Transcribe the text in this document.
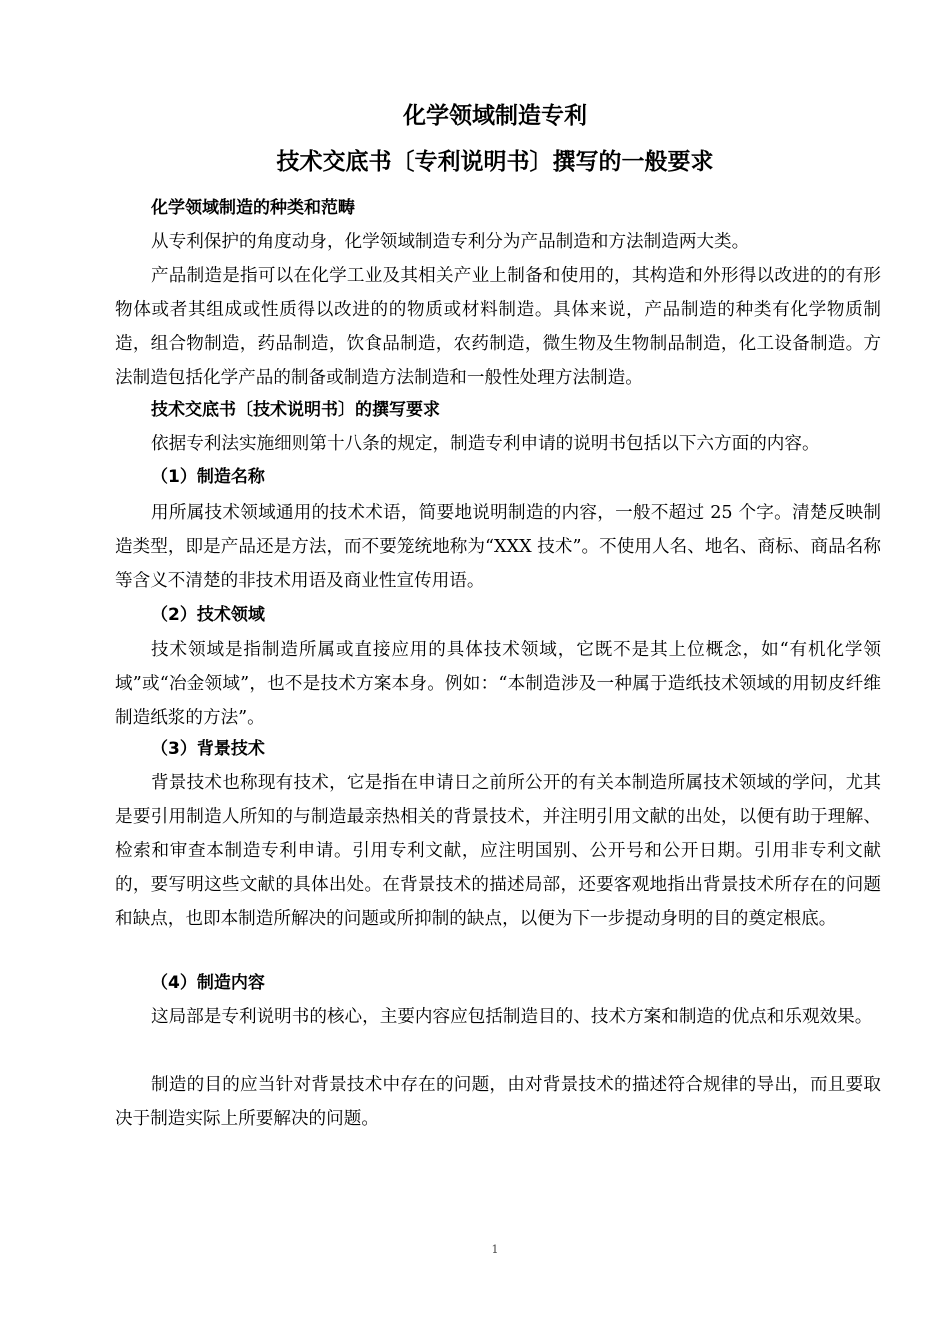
化学领域制造专利
技术交底书〔专利说明书〕撰写的一般要求
化学领域制造的种类和范畴
从专利保护的角度动身，化学领域制造专利分为产品制造和方法制造两大类。
产品制造是指可以在化学工业及其相关产业上制备和使用的，其构造和外形得以改进的的有形物体或者其组成或性质得以改进的的物质或材料制造。具体来说，产品制造的种类有化学物质制造，组合物制造，药品制造，饮食品制造，农药制造，微生物及生物制品制造，化工设备制造。方法制造包括化学产品的制备或制造方法制造和一般性处理方法制造。
技术交底书〔技术说明书〕的撰写要求
依据专利法实施细则第十八条的规定，制造专利申请的说明书包括以下六方面的内容。
（1）制造名称
用所属技术领域通用的技术术语，简要地说明制造的内容，一般不超过 25 个字。清楚反映制造类型，即是产品还是方法，而不要笼统地称为“XXX 技术”。不使用人名、地名、商标、商品名称等含义不清楚的非技术用语及商业性宣传用语。
（2）技术领域
技术领域是指制造所属或直接应用的具体技术领域，它既不是其上位概念，如“有机化学领域”或“冶金领域”，也不是技术方案本身。例如：“本制造涉及一种属于造纸技术领域的用韧皮纤维制造纸浆的方法”。
（3）背景技术
背景技术也称现有技术，它是指在申请日之前所公开的有关本制造所属技术领域的学问，尤其是要引用制造人所知的与制造最亲热相关的背景技术，并注明引用文献的出处，以便有助于理解、检索和审查本制造专利申请。引用专利文献，应注明国别、公开号和公开日期。引用非专利文献的，要写明这些文献的具体出处。在背景技术的描述局部，还要客观地指出背景技术所存在的问题和缺点，也即本制造所解决的问题或所抑制的缺点，以便为下一步提动身明的目的奠定根底。
（4）制造内容
这局部是专利说明书的核心，主要内容应包括制造目的、技术方案和制造的优点和乐观效果。
制造的目的应当针对背景技术中存在的问题，由对背景技术的描述符合规律的导出，而且要取决于制造实际上所要解决的问题。
1
